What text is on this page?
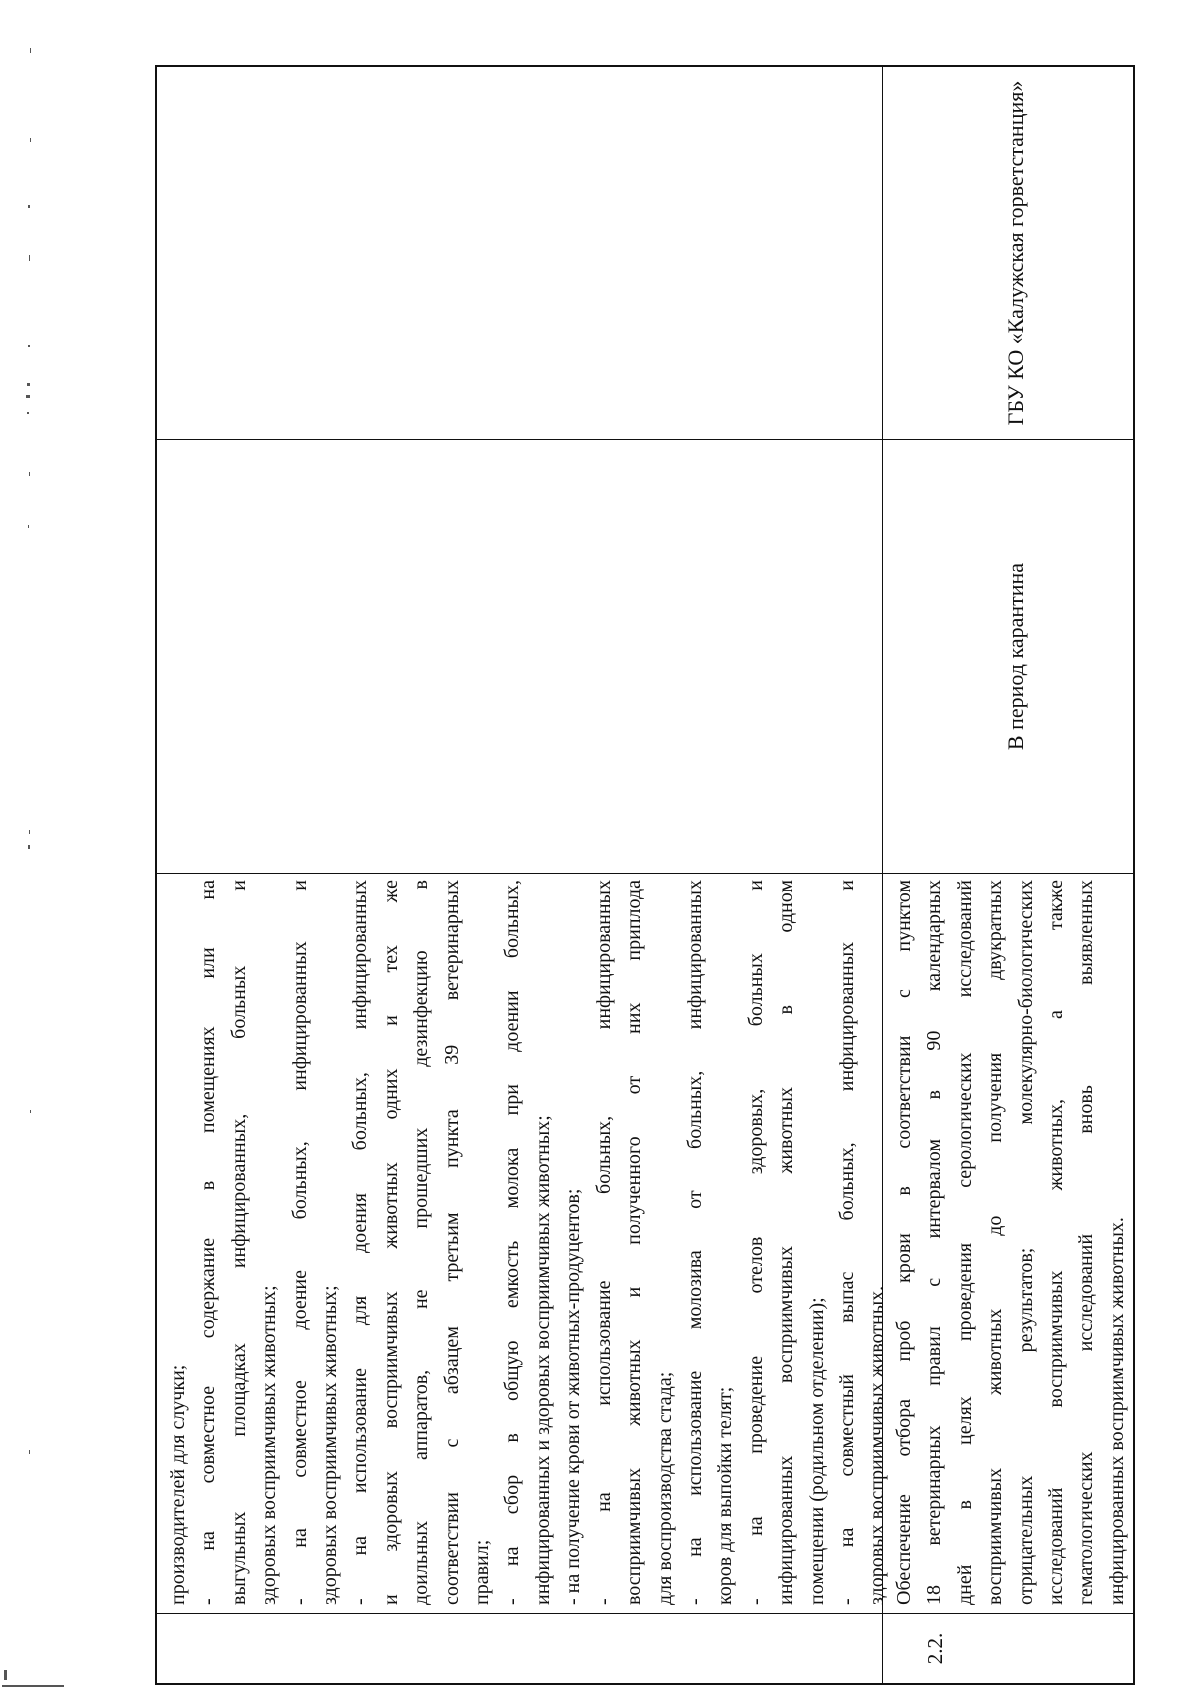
производителей для случки; - на совместное содержание в помещениях или на выгульных площадках инфицированных, больных и здоровых восприимчивых животных; - на совместное доение больных, инфицированных и здоровых восприимчивых животных; - на использование для доения больных, инфицированных и здоровых восприимчивых животных одних и тех же доильных аппаратов, не прошедших дезинфекцию в соответствии с абзацем третьим пункта 39 ветеринарных правил; - на сбор в общую емкость молока при доении больных, инфицированных и здоровых восприимчивых животных; - на получение крови от животных-продуцентов; - на использование больных, инфицированных восприимчивых животных и полученного от них приплода для воспроизводства стада; - на использование молозива от больных, инфицированных коров для выпойки телят; - на проведение отелов здоровых, больных и инфицированных восприимчивых животных в одном помещении (родильном отделении); - на совместный выпас больных, инфицированных и здоровых восприимчивых животных.
2.2.
Обеспечение отбора проб крови в соответствии с пунктом 18 ветеринарных правил с интервалом в 90 календарных дней в целях проведения серологических исследований восприимчивых животных до получения двукратных отрицательных результатов; молекулярно-биологических исследований восприимчивых животных, а также гематологических исследований вновь выявленных инфицированных восприимчивых животных.
В период карантина
ГБУ КО «Калужская горветстанция»
